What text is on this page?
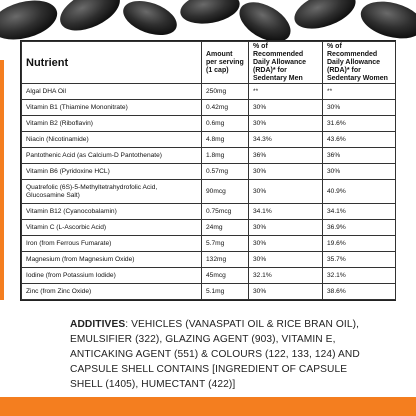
Nutrient	Amount per serving (1 cap)	% of Recommended Daily Allowance (RDA)* for Sedentary Men	% of Recommended Daily Allowance (RDA)* for Sedentary Women
Algal DHA Oil	250mg	**	**
Vitamin B1 (Thiamine Mononitrate)	0.42mg	30%	30%
Vitamin B2 (Riboflavin)	0.6mg	30%	31.6%
Niacin (Nicotinamide)	4.8mg	34.3%	43.6%
Pantothenic Acid (as Calcium-D Pantothenate)	1.8mg	36%	36%
Vitamin B6 (Pyridoxine HCL)	0.57mg	30%	30%
Quatrefolic (6S)-5-Methyltetrahydrofolic Acid, Glucosamine Salt)	90mcg	30%	40.9%
Vitamin B12 (Cyanocobalamin)	0.75mcg	34.1%	34.1%
Vitamin C (L-Ascorbic Acid)	24mg	30%	36.9%
Iron (from Ferrous Fumarate)	5.7mg	30%	19.6%
Magnesium (from Magnesium Oxide)	132mg	30%	35.7%
Iodine (from Potassium Iodide)	45mcg	32.1%	32.1%
Zinc (from Zinc Oxide)	5.1mg	30%	38.6%
ADDITIVES: VEHICLES (VANASPATI OIL & RICE BRAN OIL), EMULSIFIER (322), GLAZING AGENT (903), VITAMIN E, ANTICAKING AGENT (551) & COLOURS (122, 133, 124) AND CAPSULE SHELL CONTAINS [INGREDIENT OF CAPSULE SHELL (1405), HUMECTANT (422)]
